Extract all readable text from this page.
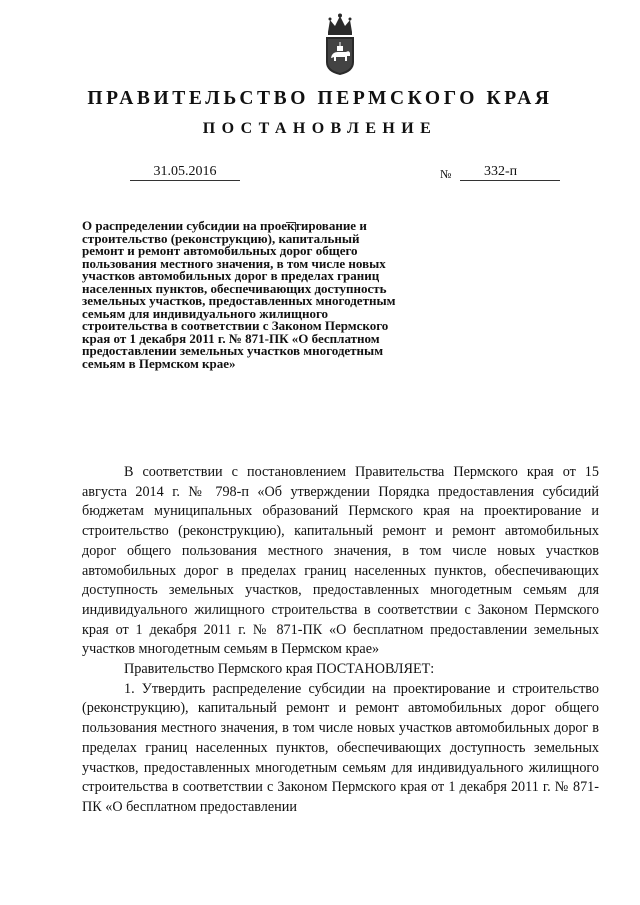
ПРАВИТЕЛЬСТВО ПЕРМСКОГО КРАЯ
ПОСТАНОВЛЕНИЕ
31.05.2016	№	332-п
О распределении субсидии на проектирование и строительство (реконструкцию), капитальный ремонт и ремонт автомобильных дорог общего пользования местного значения, в том числе новых участков автомобильных дорог в пределах границ населенных пунктов, обеспечивающих доступность земельных участков, предоставленных многодетным семьям для индивидуального жилищного строительства в соответствии с Законом Пермского края от 1 декабря 2011 г. № 871-ПК «О бесплатном предоставлении земельных участков многодетным семьям в Пермском крае»

В соответствии с постановлением Правительства Пермского края от 15 августа 2014 г. № 798-п «Об утверждении Порядка предоставления субсидий бюджетам муниципальных образований Пермского края на проектирование и строительство (реконструкцию), капитальный ремонт и ремонт автомобильных дорог общего пользования местного значения, в том числе новых участков автомобильных дорог в пределах границ населенных пунктов, обеспечивающих доступность земельных участков, предоставленных многодетным семьям для индивидуального жилищного строительства в соответствии с Законом Пермского края от 1 декабря 2011 г. № 871-ПК «О бесплатном предоставлении земельных участков многодетным семьям в Пермском крае»

Правительство Пермского края ПОСТАНОВЛЯЕТ:

1. Утвердить распределение субсидии на проектирование и строительство (реконструкцию), капитальный ремонт и ремонт автомобильных дорог общего пользования местного значения, в том числе новых участков автомобильных дорог в пределах границ населенных пунктов, обеспечивающих доступность земельных участков, предоставленных многодетным семьям для индивидуального жилищного строительства в соответствии с Законом Пермского края от 1 декабря 2011 г. № 871-ПК «О бесплатном предоставлении
